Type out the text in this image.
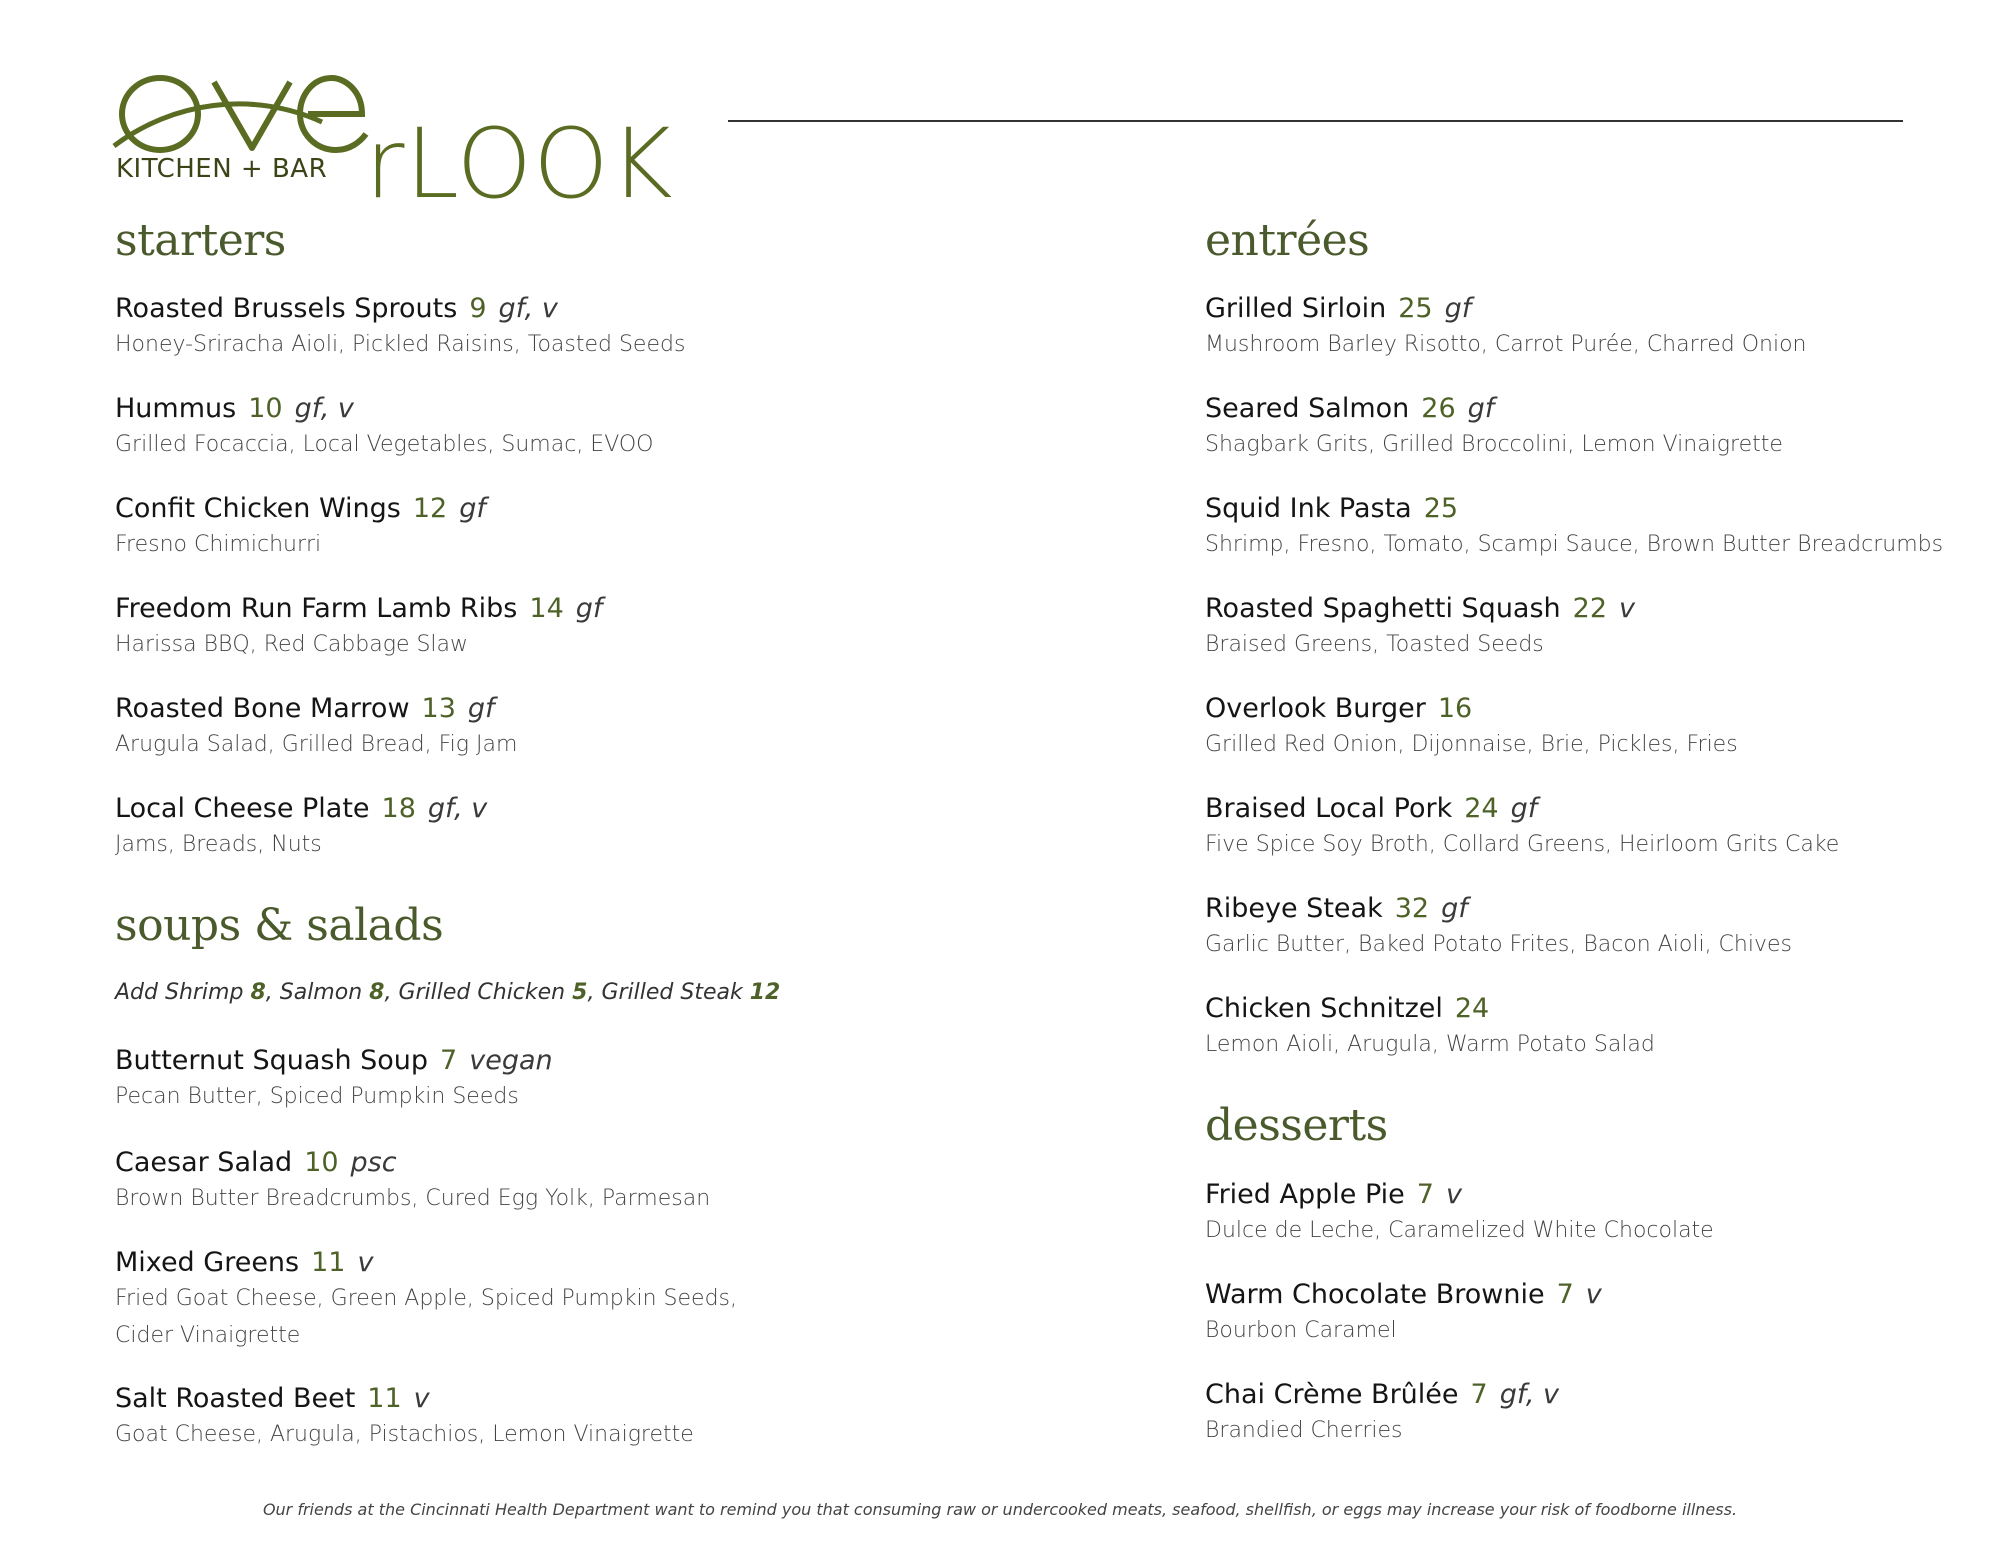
rLOOK
KITCHEN + BAR
starters
Roasted Brussels Sprouts 9 gf, v
Honey-Sriracha Aioli, Pickled Raisins, Toasted Seeds
Hummus 10 gf, v
Grilled Focaccia, Local Vegetables, Sumac, EVOO
Confit Chicken Wings 12 gf
Fresno Chimichurri
Freedom Run Farm Lamb Ribs 14 gf
Harissa BBQ, Red Cabbage Slaw
Roasted Bone Marrow 13 gf
Arugula Salad, Grilled Bread, Fig Jam
Local Cheese Plate 18 gf, v
Jams, Breads, Nuts
soups & salads
Add Shrimp 8, Salmon 8, Grilled Chicken 5, Grilled Steak 12
Butternut Squash Soup 7 vegan
Pecan Butter, Spiced Pumpkin Seeds
Caesar Salad 10 psc
Brown Butter Breadcrumbs, Cured Egg Yolk, Parmesan
Mixed Greens 11 v
Fried Goat Cheese, Green Apple, Spiced Pumpkin Seeds,
Cider Vinaigrette
Salt Roasted Beet 11 v
Goat Cheese, Arugula, Pistachios, Lemon Vinaigrette
entrées
Grilled Sirloin 25 gf
Mushroom Barley Risotto, Carrot Purée, Charred Onion
Seared Salmon 26 gf
Shagbark Grits, Grilled Broccolini, Lemon Vinaigrette
Squid Ink Pasta 25
Shrimp, Fresno, Tomato, Scampi Sauce, Brown Butter Breadcrumbs
Roasted Spaghetti Squash 22 v
Braised Greens, Toasted Seeds
Overlook Burger 16
Grilled Red Onion, Dijonnaise, Brie, Pickles, Fries
Braised Local Pork 24 gf
Five Spice Soy Broth, Collard Greens, Heirloom Grits Cake
Ribeye Steak 32 gf
Garlic Butter, Baked Potato Frites, Bacon Aioli, Chives
Chicken Schnitzel 24
Lemon Aioli, Arugula, Warm Potato Salad
desserts
Fried Apple Pie 7 v
Dulce de Leche, Caramelized White Chocolate
Warm Chocolate Brownie 7 v
Bourbon Caramel
Chai Crème Brûlée 7 gf, v
Brandied Cherries
Our friends at the Cincinnati Health Department want to remind you that consuming raw or undercooked meats, seafood, shellfish, or eggs may increase your risk of foodborne illness.
